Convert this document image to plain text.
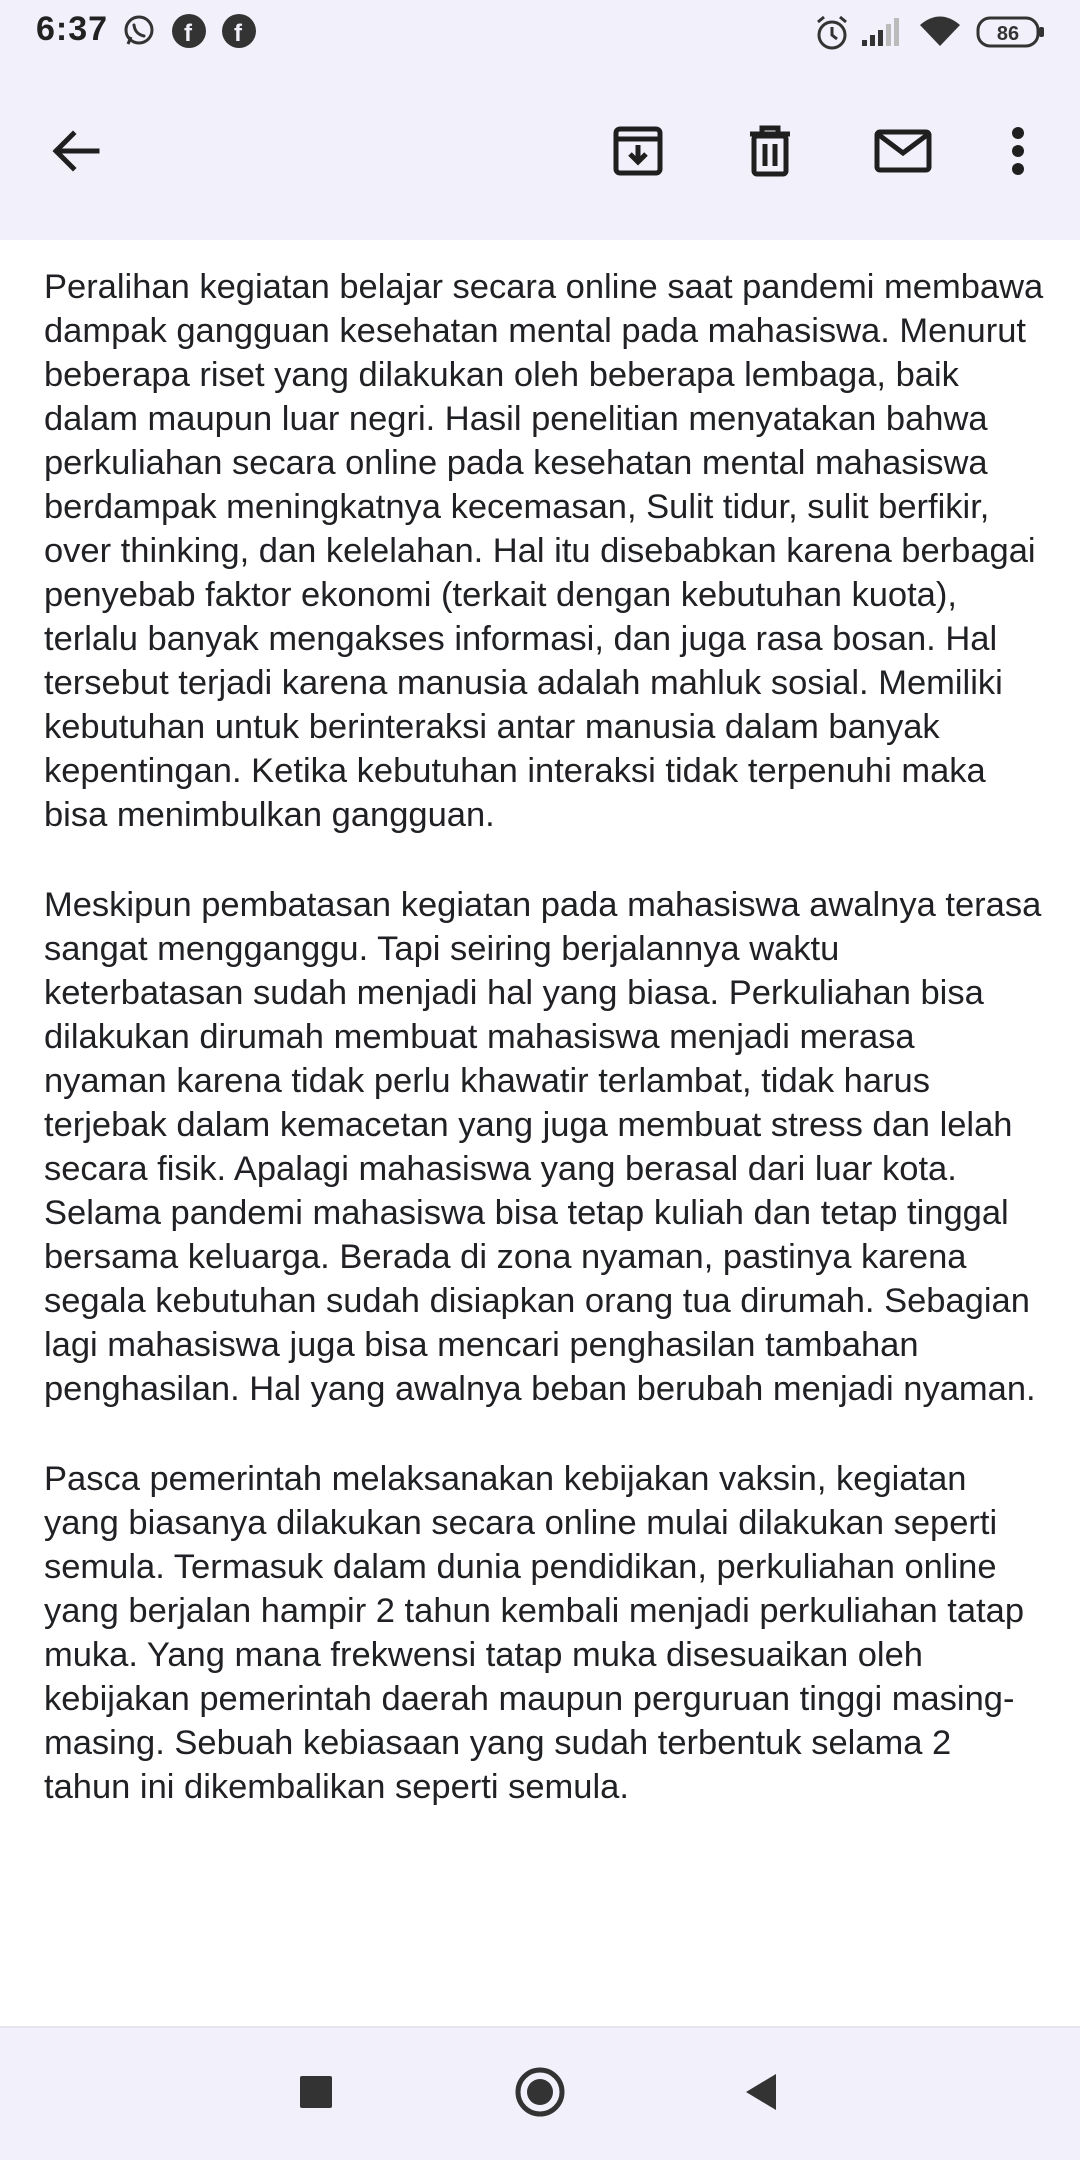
6:37	f f	86

Peralihan kegiatan belajar secara online saat pandemi membawa dampak gangguan kesehatan mental pada mahasiswa. Menurut beberapa riset yang dilakukan oleh beberapa lembaga, baik dalam maupun luar negri. Hasil penelitian menyatakan bahwa perkuliahan secara online pada kesehatan mental mahasiswa berdampak meningkatnya kecemasan, Sulit tidur, sulit berfikir, over thinking, dan kelelahan. Hal itu disebabkan karena berbagai penyebab faktor ekonomi (terkait dengan kebutuhan kuota), terlalu banyak mengakses informasi, dan juga rasa bosan. Hal tersebut terjadi karena manusia adalah mahluk sosial. Memiliki kebutuhan untuk berinteraksi antar manusia dalam banyak kepentingan. Ketika kebutuhan interaksi tidak terpenuhi maka bisa menimbulkan gangguan.

Meskipun pembatasan kegiatan pada mahasiswa awalnya terasa sangat mengganggu. Tapi seiring berjalannya waktu keterbatasan sudah menjadi hal yang biasa. Perkuliahan bisa dilakukan dirumah membuat mahasiswa menjadi merasa nyaman karena tidak perlu khawatir terlambat, tidak harus terjebak dalam kemacetan yang juga membuat stress dan lelah secara fisik. Apalagi mahasiswa yang berasal dari luar kota. Selama pandemi mahasiswa bisa tetap kuliah dan tetap tinggal bersama keluarga. Berada di zona nyaman, pastinya karena segala kebutuhan sudah disiapkan orang tua dirumah. Sebagian lagi mahasiswa juga bisa mencari penghasilan tambahan penghasilan. Hal yang awalnya beban berubah menjadi nyaman.

Pasca pemerintah melaksanakan kebijakan vaksin, kegiatan yang biasanya dilakukan secara online mulai dilakukan seperti semula. Termasuk dalam dunia pendidikan, perkuliahan online yang berjalan hampir 2 tahun kembali menjadi perkuliahan tatap muka. Yang mana frekwensi tatap muka disesuaikan oleh kebijakan pemerintah daerah maupun perguruan tinggi masing-masing. Sebuah kebiasaan yang sudah terbentuk selama 2 tahun ini dikembalikan seperti semula.
